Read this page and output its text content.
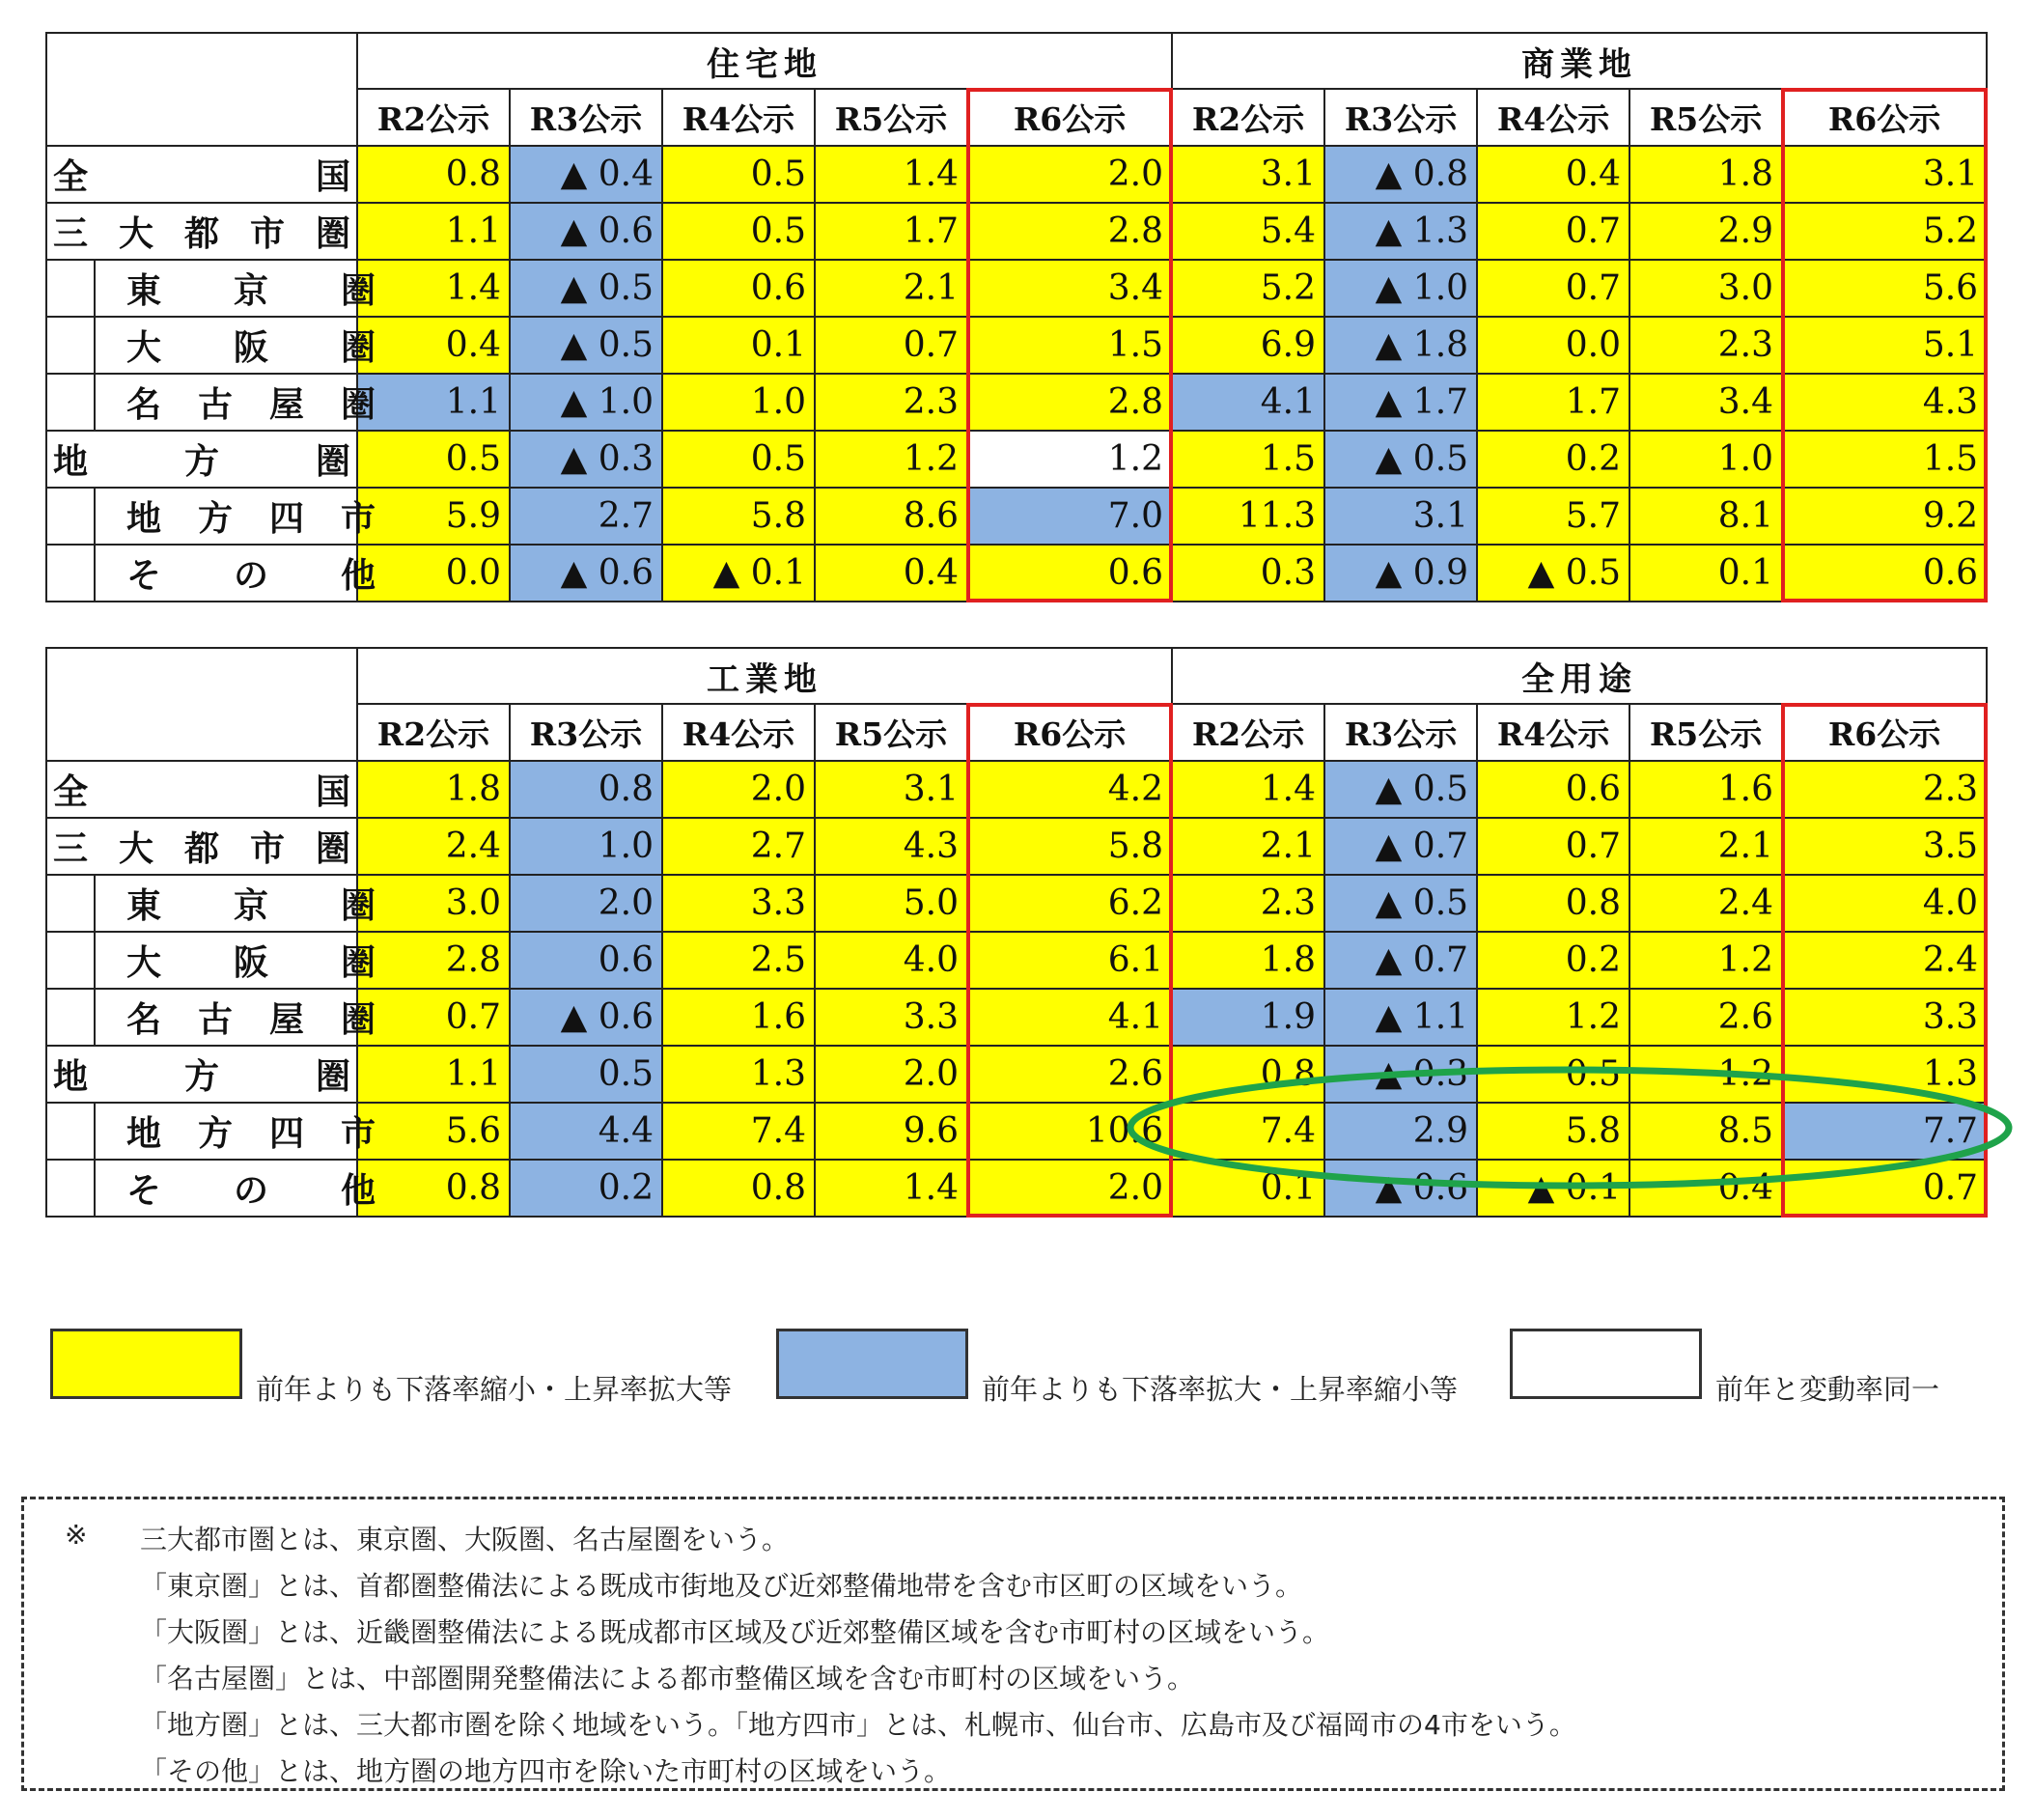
		住宅地					商業地				
		R2公示	R3公示	R4公示	R5公示	R6公示	R2公示	R3公示	R4公示	R5公示	R6公示

全 国		0.8	▲ 0.4	0.5	1.4	2.0	3.1	▲ 0.8	0.4	1.8	3.1

三 大 都 市 圏		1.1	▲ 0.6	0.5	1.7	2.8	5.4	▲ 1.3	0.7	2.9	5.2

	東 京 圏	1.4	▲ 0.5	0.6	2.1	3.4	5.2	▲ 1.0	0.7	3.0	5.6

	大 阪 圏	0.4	▲ 0.5	0.1	0.7	1.5	6.9	▲ 1.8	0.0	2.3	5.1

	名 古 屋 圏	1.1	▲ 1.0	1.0	2.3	2.8	4.1	▲ 1.7	1.7	3.4	4.3

地 方 圏		0.5	▲ 0.3	0.5	1.2	1.2	1.5	▲ 0.5	0.2	1.0	1.5

	地 方 四 市	5.9	2.7	5.8	8.6	7.0	11.3	3.1	5.7	8.1	9.2

	そ の 他	0.0	▲ 0.6	▲ 0.1	0.4	0.6	0.3	▲ 0.9	▲ 0.5	0.1	0.6
		工業地					全用途				
		R2公示	R3公示	R4公示	R5公示	R6公示	R2公示	R3公示	R4公示	R5公示	R6公示

全 国		1.8	0.8	2.0	3.1	4.2	1.4	▲ 0.5	0.6	1.6	2.3

三 大 都 市 圏		2.4	1.0	2.7	4.3	5.8	2.1	▲ 0.7	0.7	2.1	3.5

	東 京 圏	3.0	2.0	3.3	5.0	6.2	2.3	▲ 0.5	0.8	2.4	4.0

	大 阪 圏	2.8	0.6	2.5	4.0	6.1	1.8	▲ 0.7	0.2	1.2	2.4

	名 古 屋 圏	0.7	▲ 0.6	1.6	3.3	4.1	1.9	▲ 1.1	1.2	2.6	3.3

地 方 圏		1.1	0.5	1.3	2.0	2.6	0.8	▲ 0.3	0.5	1.2	1.3

	地 方 四 市	5.6	4.4	7.4	9.6	10.6	7.4	2.9	5.8	8.5	7.7

	そ の 他	0.8	0.2	0.8	1.4	2.0	0.1	▲ 0.6	▲ 0.1	0.4	0.7
前年よりも下落率縮小・上昇率拡大等	前年よりも下落率拡大・上昇率縮小等	前年と変動率同一
※ 三大都市圏とは、東京圏、大阪圏、名古屋圏をいう。
「東京圏」とは、首都圏整備法による既成市街地及び近郊整備地帯を含む市区町の区域をいう。
「大阪圏」とは、近畿圏整備法による既成都市区域及び近郊整備区域を含む市町村の区域をいう。
「名古屋圏」とは、中部圏開発整備法による都市整備区域を含む市町村の区域をいう。
「地方圏」とは、三大都市圏を除く地域をいう。「地方四市」とは、札幌市、仙台市、広島市及び福岡市の4市をいう。
「その他」とは、地方圏の地方四市を除いた市町村の区域をいう。
